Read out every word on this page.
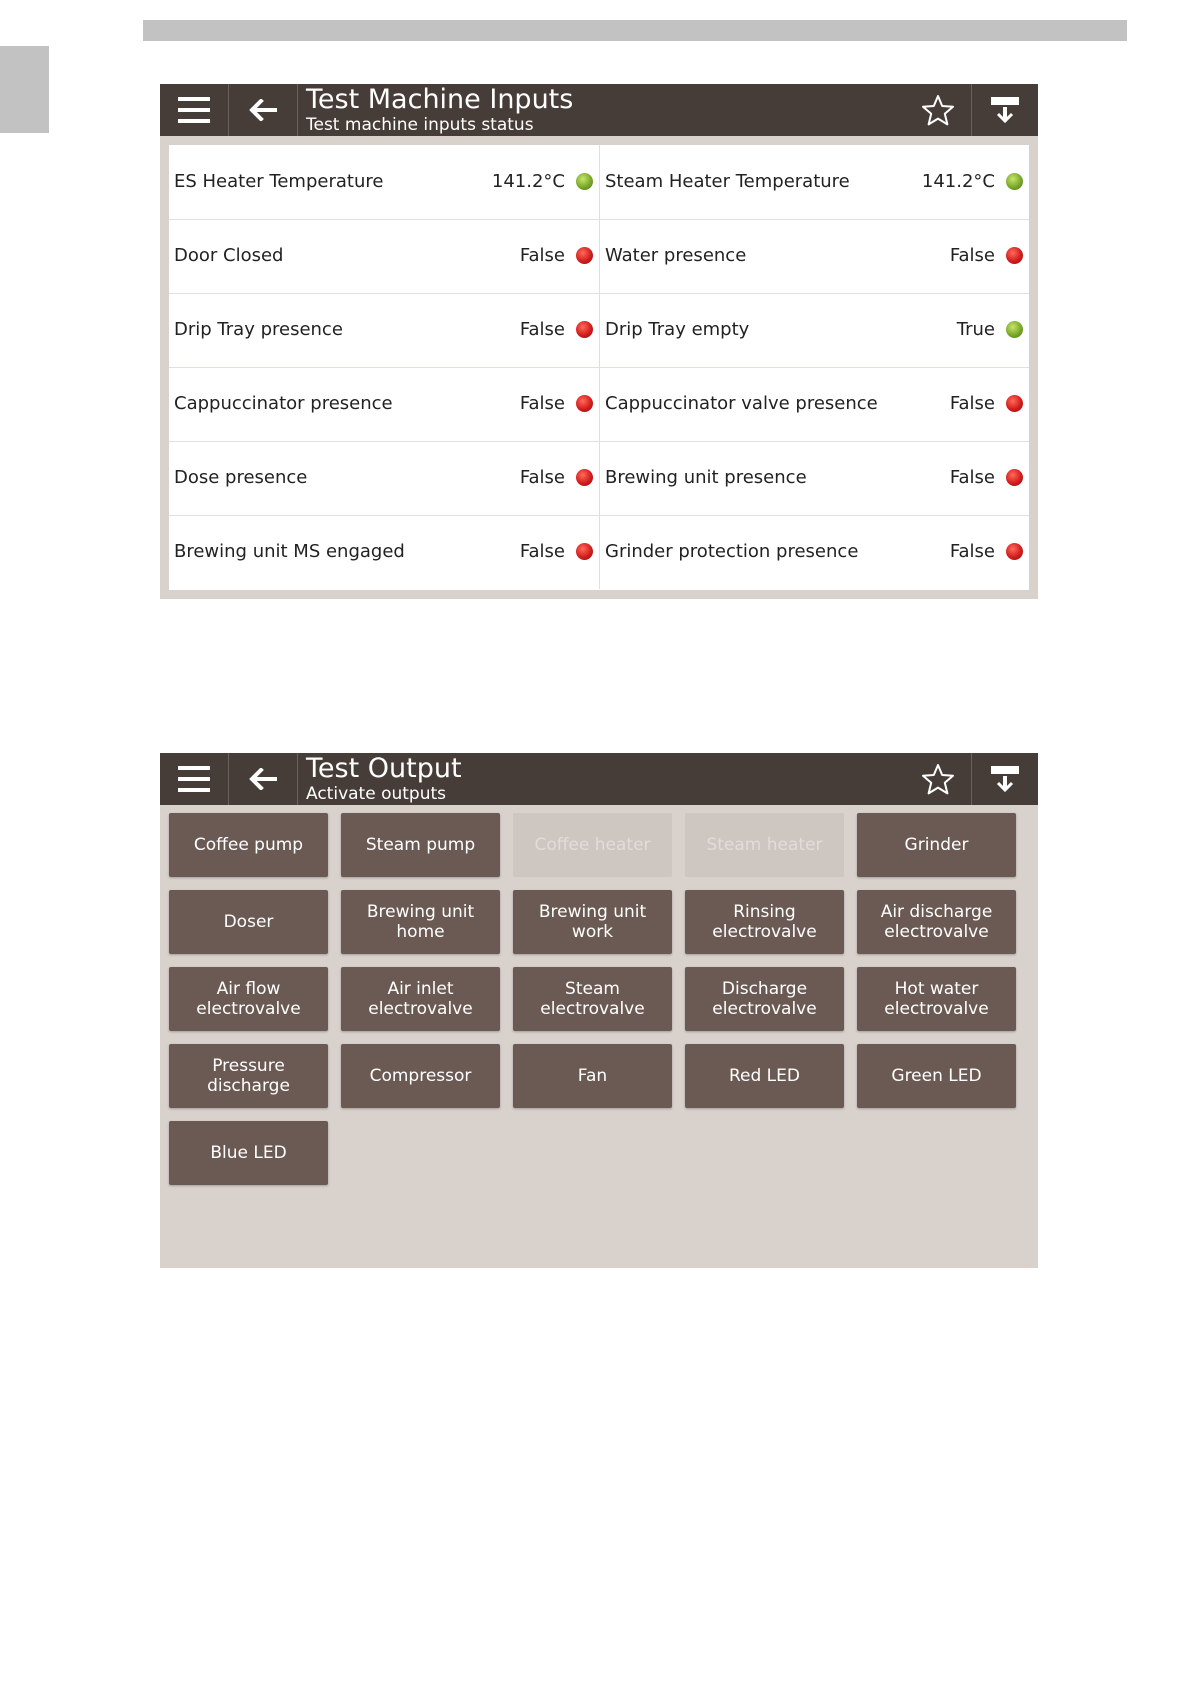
Test Machine Inputs
Test machine inputs status
ES Heater Temperature	141.2°C Steam Heater Temperature	141.2°C
Door Closed	False Water presence	False
Drip Tray presence	False Drip Tray empty	True
Cappuccinator presence	False Cappuccinator valve presence	False
Dose presence	False Brewing unit presence	False
Brewing unit MS engaged	False Grinder protection presence	False
Test Output
Activate outputs
Coffee pump	Steam pump	Coffee heater	Steam heater	Grinder
Doser	Brewing unit
home
Brewing unit
work
Rinsing
electrovalve
Air discharge
electrovalve
Air flow
electrovalve
Air inlet
electrovalve
Steam
electrovalve
Discharge
electrovalve
Hot water
electrovalve
Pressure
discharge	Compressor	Fan	Red LED	Green LED
Blue LED
